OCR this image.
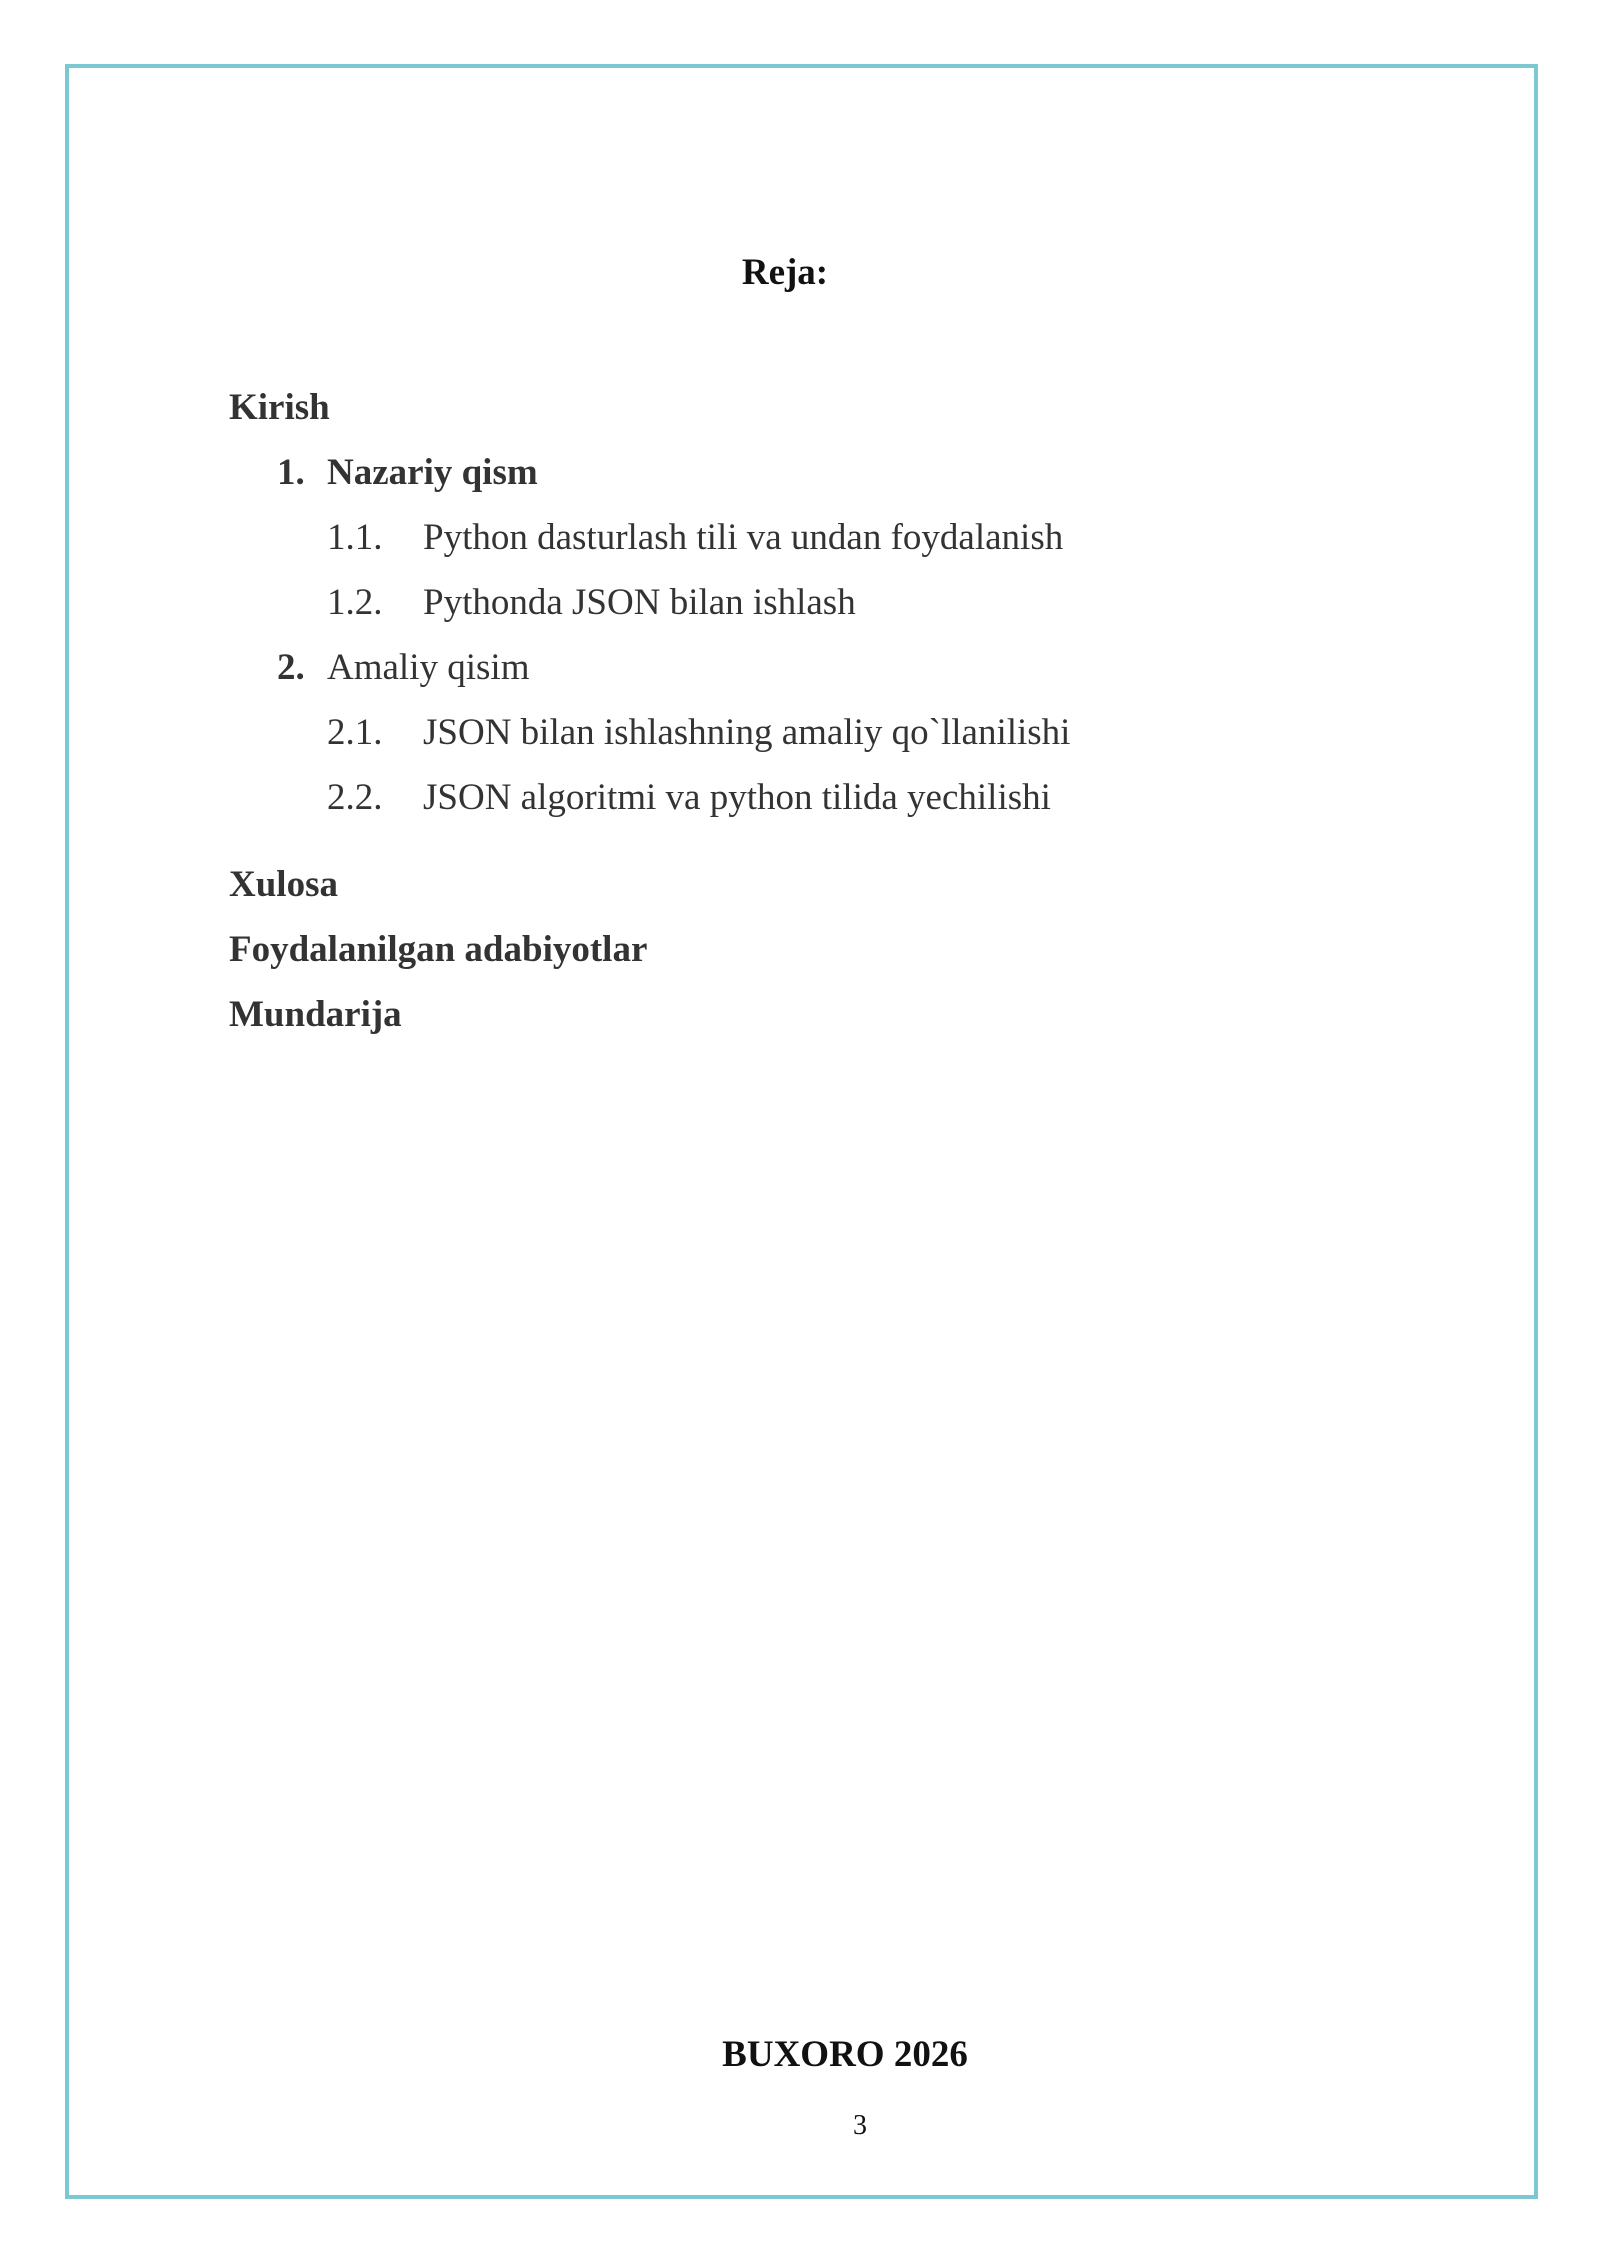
Reja:
Kirish
1. Nazariy qism
1.1. Python dasturlash tili va undan foydalanish
1.2. Pythonda JSON bilan ishlash
2. Amaliy qisim
2.1. JSON bilan ishlashning amaliy qo`llanilishi
2.2. JSON algoritmi va python tilida yechilishi
Xulosa
Foydalanilgan adabiyotlar
Mundarija
BUXORO 2026
3
